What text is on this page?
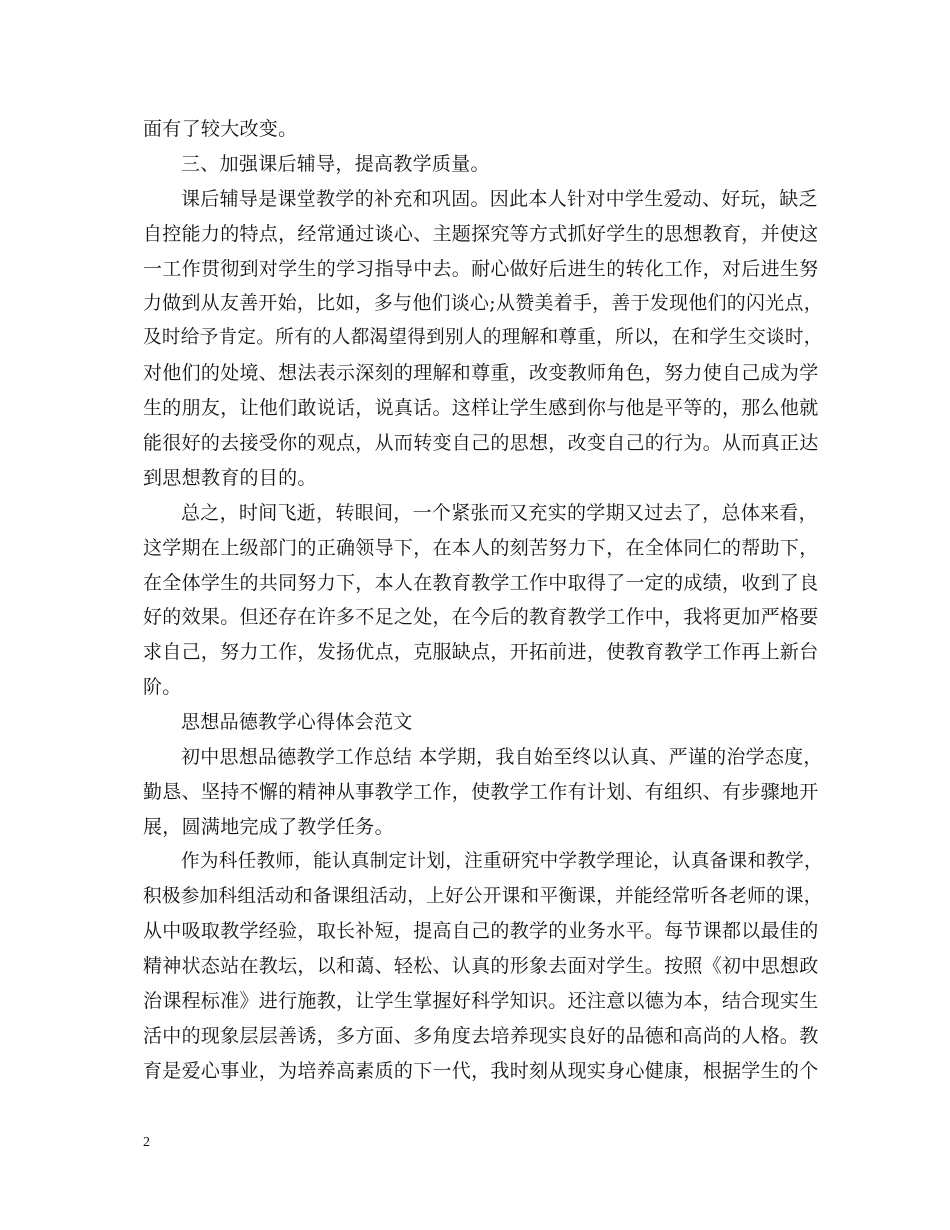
面有了较大改变。
三、加强课后辅导，提高教学质量。
课后辅导是课堂教学的补充和巩固。因此本人针对中学生爱动、好玩，缺乏
自控能力的特点，经常通过谈心、主题探究等方式抓好学生的思想教育，并使这
一工作贯彻到对学生的学习指导中去。耐心做好后进生的转化工作，对后进生努
力做到从友善开始，比如，多与他们谈心;从赞美着手，善于发现他们的闪光点，
及时给予肯定。所有的人都渴望得到别人的理解和尊重，所以，在和学生交谈时，
对他们的处境、想法表示深刻的理解和尊重，改变教师角色，努力使自己成为学
生的朋友，让他们敢说话，说真话。这样让学生感到你与他是平等的，那么他就
能很好的去接受你的观点，从而转变自己的思想，改变自己的行为。从而真正达
到思想教育的目的。
总之，时间飞逝，转眼间，一个紧张而又充实的学期又过去了，总体来看，
这学期在上级部门的正确领导下，在本人的刻苦努力下，在全体同仁的帮助下，
在全体学生的共同努力下，本人在教育教学工作中取得了一定的成绩，收到了良
好的效果。但还存在许多不足之处，在今后的教育教学工作中，我将更加严格要
求自己，努力工作，发扬优点，克服缺点，开拓前进，使教育教学工作再上新台
阶。
思想品德教学心得体会范文
初中思想品德教学工作总结 本学期，我自始至终以认真、严谨的治学态度，
勤恳、坚持不懈的精神从事教学工作，使教学工作有计划、有组织、有步骤地开
展，圆满地完成了教学任务。
作为科任教师，能认真制定计划，注重研究中学教学理论，认真备课和教学，
积极参加科组活动和备课组活动，上好公开课和平衡课，并能经常听各老师的课，
从中吸取教学经验，取长补短，提高自己的教学的业务水平。每节课都以最佳的
精神状态站在教坛，以和蔼、轻松、认真的形象去面对学生。按照《初中思想政
治课程标准》进行施教，让学生掌握好科学知识。还注意以德为本，结合现实生
活中的现象层层善诱，多方面、多角度去培养现实良好的品德和高尚的人格。教
育是爱心事业，为培养高素质的下一代，我时刻从现实身心健康，根据学生的个
2
